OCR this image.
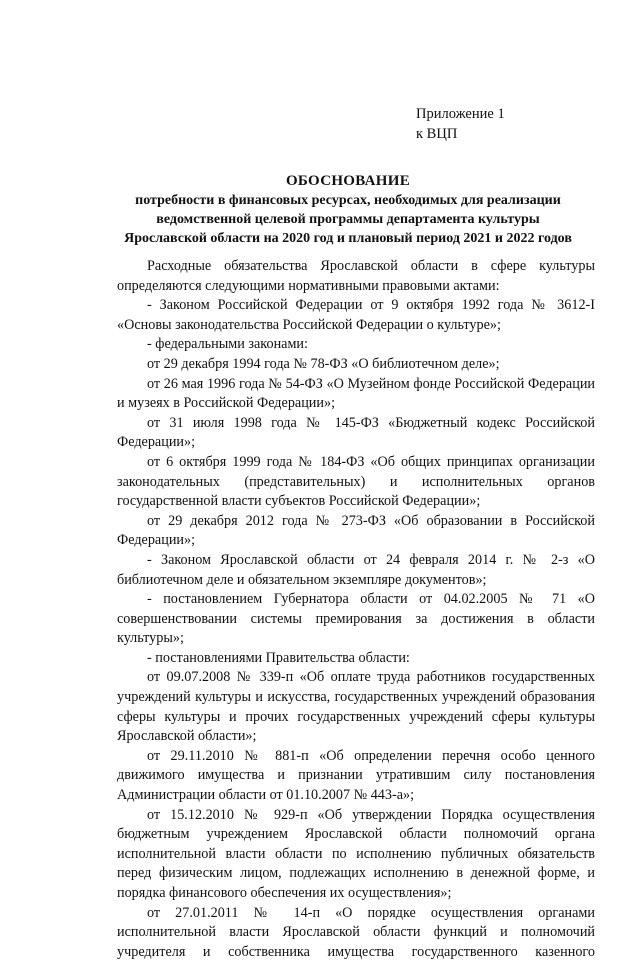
Приложение 1
к ВЦП
ОБОСНОВАНИЕ
потребности в финансовых ресурсах, необходимых для реализации
ведомственной целевой программы департамента культуры
Ярославской области на 2020 год и плановый период 2021 и 2022 годов

Расходные обязательства Ярославской области в сфере культуры определяются следующими нормативными правовыми актами:

- Законом Российской Федерации от 9 октября 1992 года № 3612-I «Основы законодательства Российской Федерации о культуре»;

- федеральными законами:

от 29 декабря 1994 года № 78-ФЗ «О библиотечном деле»;

от 26 мая 1996 года № 54-ФЗ «О Музейном фонде Российской Федерации и музеях в Российской Федерации»;

от 31 июля 1998 года № 145-ФЗ «Бюджетный кодекс Российской Федерации»;

от 6 октября 1999 года № 184-ФЗ «Об общих принципах организации законодательных (представительных) и исполнительных органов государственной власти субъектов Российской Федерации»;

от 29 декабря 2012 года № 273-ФЗ «Об образовании в Российской Федерации»;

- Законом Ярославской области от 24 февраля 2014 г. № 2-з «О библиотечном деле и обязательном экземпляре документов»;

- постановлением Губернатора области от 04.02.2005 № 71 «О совершенствовании системы премирования за достижения в области культуры»;

- постановлениями Правительства области:

от 09.07.2008 № 339-п «Об оплате труда работников государственных учреждений культуры и искусства, государственных учреждений образования сферы культуры и прочих государственных учреждений сферы культуры Ярославской области»;

от 29.11.2010 № 881-п «Об определении перечня особо ценного движимого имущества и признании утратившим силу постановления Администрации области от 01.10.2007 № 443-а»;

от 15.12.2010 № 929-п «Об утверждении Порядка осуществления бюджетным учреждением Ярославской области полномочий органа исполнительной власти области по исполнению публичных обязательств перед физическим лицом, подлежащих исполнению в денежной форме, и порядка финансового обеспечения их осуществления»;

от 27.01.2011 № 14-п «О порядке осуществления органами исполнительной власти Ярославской области функций и полномочий учредителя и собственника имущества государственного казенного
